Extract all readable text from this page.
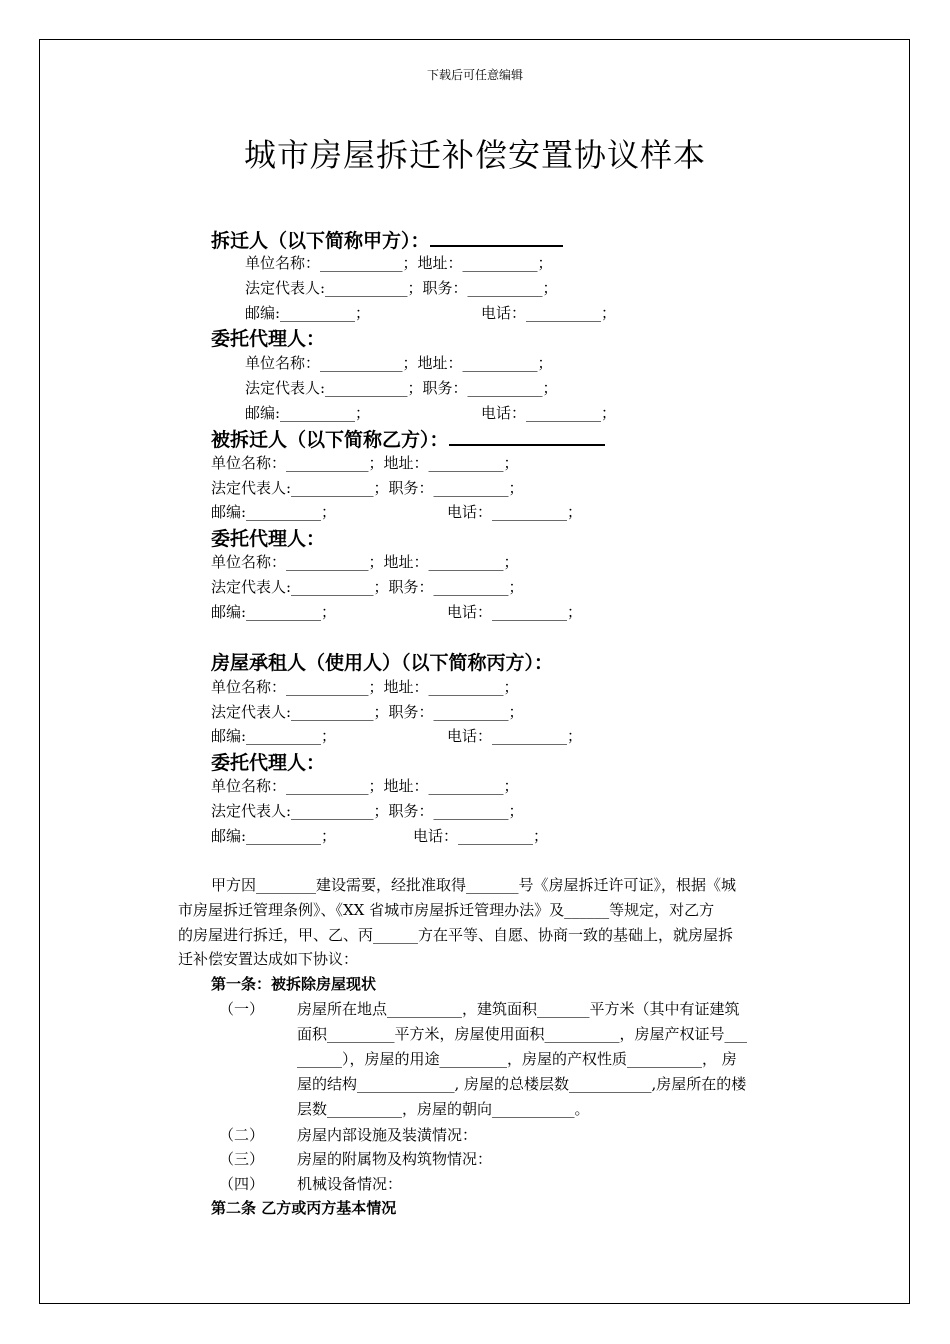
下载后可任意编辑
城市房屋拆迁补偿安置协议样本
拆迁人（以下简称甲方）：
单位名称：___________；地址：__________；
法定代表人:___________；职务：__________；
邮编:__________；	电话：__________；
委托代理人：
单位名称：___________；地址：__________；
法定代表人:___________；职务：__________；
邮编:__________；	电话：__________；
被拆迁人（以下简称乙方）：
单位名称：___________；地址：__________；
法定代表人:___________；职务：__________；
邮编:__________；	电话：__________；
委托代理人：
单位名称：___________；地址：__________；
法定代表人:___________；职务：__________；
邮编:__________；	电话：__________；
房屋承租人（使用人）（以下简称丙方）：
单位名称：___________；地址：__________；
法定代表人:___________；职务：__________；
邮编:__________；	电话：__________；
委托代理人：
单位名称：___________；地址：__________；
法定代表人:___________；职务：__________；
邮编:__________；	电话：__________；
甲方因________建设需要，经批准取得_______号《房屋拆迁许可证》，根据《城
市房屋拆迁管理条例》、《XX 省城市房屋拆迁管理办法》及______等规定，对乙方
的房屋进行拆迁，甲、乙、丙______方在平等、自愿、协商一致的基础上，就房屋拆
迁补偿安置达成如下协议：
第一条：被拆除房屋现状
（一） 房屋所在地点__________，建筑面积_______平方米（其中有证建筑
面积_________平方米，房屋使用面积__________，房屋产权证号___
______），房屋的用途_________，房屋的产权性质__________， 房
屋的结构_____________, 房屋的总楼层数___________,房屋所在的楼
层数__________，房屋的朝向___________。
（二） 房屋内部设施及装潢情况：
（三） 房屋的附属物及构筑物情况：
（四） 机械设备情况：
第二条 乙方或丙方基本情况
